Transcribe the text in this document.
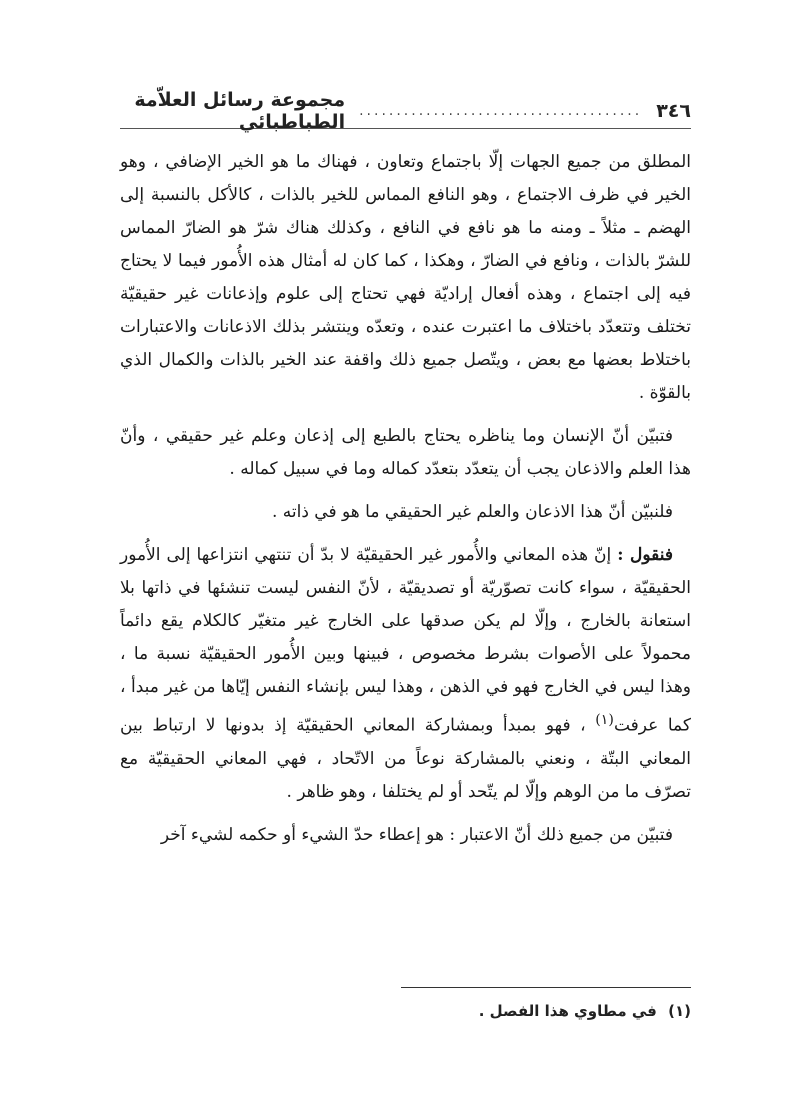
٣٤٦
......................................
مجموعة رسائل العلاّمة الطباطبائي

المطلق من جميع الجهات إلّا باجتماع وتعاون ، فهناك ما هو الخير الإضافي ، وهو الخير في ظرف الاجتماع ، وهو النافع المماس للخير بالذات ، كالأكل بالنسبة إلى الهضم ـ مثلاً ـ ومنه ما هو نافع في النافع ، وكذلك هناك شرّ هو الضارّ المماس للشرّ بالذات ، ونافع في الضارّ ، وهكذا ، كما كان له أمثال هذه الأُمور فيما لا يحتاج فيه إلى اجتماع ، وهذه أفعال إراديّة فهي تحتاج إلى علوم وإذعانات غير حقيقيّة تختلف وتتعدّد باختلاف ما اعتبرت عنده ، وتعدّه وينتشر بذلك الاذعانات والاعتبارات باختلاط بعضها مع بعض ، ويتّصل جميع ذلك واقفة عند الخير بالذات والكمال الذي بالقوّة .

فتبيّن أنّ الإنسان وما يناظره يحتاج بالطبع إلى إذعان وعلم غير حقيقي ، وأنّ هذا العلم والاذعان يجب أن يتعدّد بتعدّد كماله وما في سبيل كماله .

فلنبيّن أنّ هذا الاذعان والعلم غير الحقيقي ما هو في ذاته .

فنقول : إنّ هذه المعاني والأُمور غير الحقيقيّة لا بدّ أن تنتهي انتزاعها إلى الأُمور الحقيقيّة ، سواء كانت تصوّريّة أو تصديقيّة ، لأنّ النفس ليست تنشئها في ذاتها بلا استعانة بالخارج ، وإلّا لم يكن صدقها على الخارج غير متغيّر كالكلام يقع دائماً محمولاً على الأصوات بشرط مخصوص ، فبينها وبين الأُمور الحقيقيّة نسبة ما ، وهذا ليس في الخارج فهو في الذهن ، وهذا ليس بإنشاء النفس إيّاها من غير مبدأ ، كما عرفت$^{(١)}$ ، فهو بمبدأ وبمشاركة المعاني الحقيقيّة إذ بدونها لا ارتباط بين المعاني البتّة ، ونعني بالمشاركة نوعاً من الاتّحاد ، فهي المعاني الحقيقيّة مع تصرّف ما من الوهم وإلّا لم يتّحد أو لم يختلفا ، وهو ظاهر .

فتبيّن من جميع ذلك أنّ الاعتبار : هو إعطاء حدّ الشيء أو حكمه لشيء آخر

(١) في مطاوي هذا الفصل .
